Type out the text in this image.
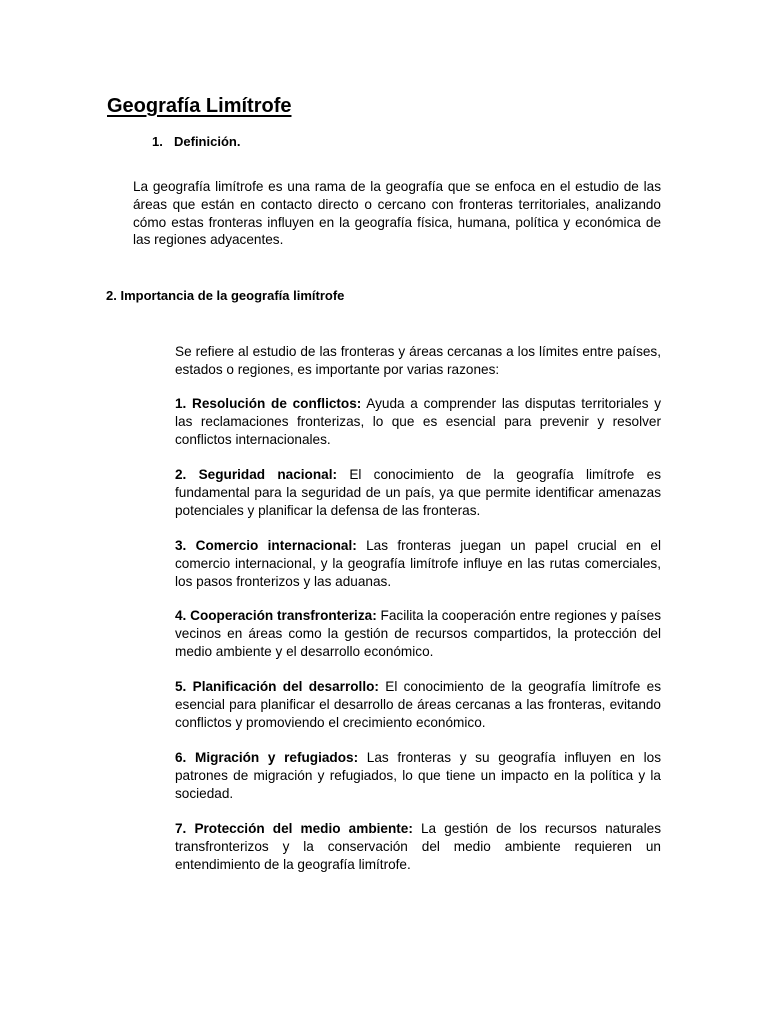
Geografía Limítrofe
1. Definición.
La geografía limítrofe es una rama de la geografía que se enfoca en el estudio de las áreas que están en contacto directo o cercano con fronteras territoriales, analizando cómo estas fronteras influyen en la geografía física, humana, política y económica de las regiones adyacentes.
2. Importancia de la geografía limítrofe

Se refiere al estudio de las fronteras y áreas cercanas a los límites entre países, estados o regiones, es importante por varias razones:

1. Resolución de conflictos: Ayuda a comprender las disputas territoriales y las reclamaciones fronterizas, lo que es esencial para prevenir y resolver conflictos internacionales.

2. Seguridad nacional: El conocimiento de la geografía limítrofe es fundamental para la seguridad de un país, ya que permite identificar amenazas potenciales y planificar la defensa de las fronteras.

3. Comercio internacional: Las fronteras juegan un papel crucial en el comercio internacional, y la geografía limítrofe influye en las rutas comerciales, los pasos fronterizos y las aduanas.

4. Cooperación transfronteriza: Facilita la cooperación entre regiones y países vecinos en áreas como la gestión de recursos compartidos, la protección del medio ambiente y el desarrollo económico.

5. Planificación del desarrollo: El conocimiento de la geografía limítrofe es esencial para planificar el desarrollo de áreas cercanas a las fronteras, evitando conflictos y promoviendo el crecimiento económico.

6. Migración y refugiados: Las fronteras y su geografía influyen en los patrones de migración y refugiados, lo que tiene un impacto en la política y la sociedad.

7. Protección del medio ambiente: La gestión de los recursos naturales transfronterizos y la conservación del medio ambiente requieren un entendimiento de la geografía limítrofe.
